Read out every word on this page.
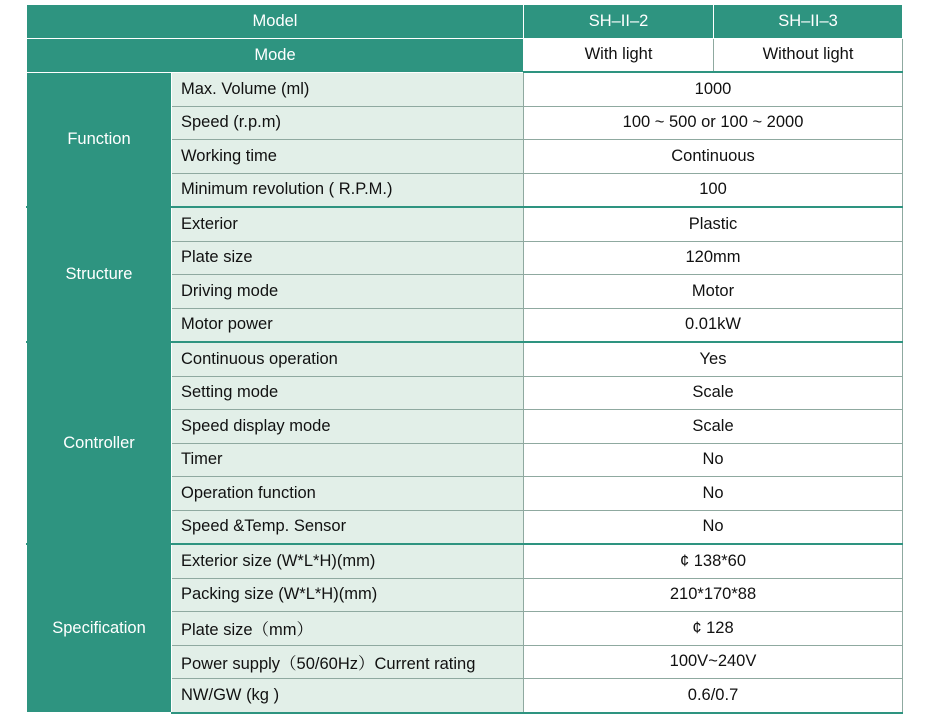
Model		SH–II–2	SH–II–3
Mode		With light	Without light
Function	Max. Volume (ml)	1000	
	Speed (r.p.m)	100 ~ 500 or 100 ~ 2000	
	Working time	Continuous	
	Minimum revolution ( R.P.M.)	100	
Structure	Exterior	Plastic	
	Plate size	120mm	
	Driving mode	Motor	
	Motor power	0.01kW	
Controller	Continuous operation	Yes	
	Setting mode	Scale	
	Speed display mode	Scale	
	Timer	No	
	Operation function	No	
	Speed &Temp. Sensor	No	
Specification	Exterior size (W*L*H)(mm)	¢ 138*60	
	Packing size (W*L*H)(mm)	210*170*88	
	Plate size（mm）	¢ 128	
	Power supply（50/60Hz）Current rating	100V~240V	
	NW/GW (kg )	0.6/0.7	
